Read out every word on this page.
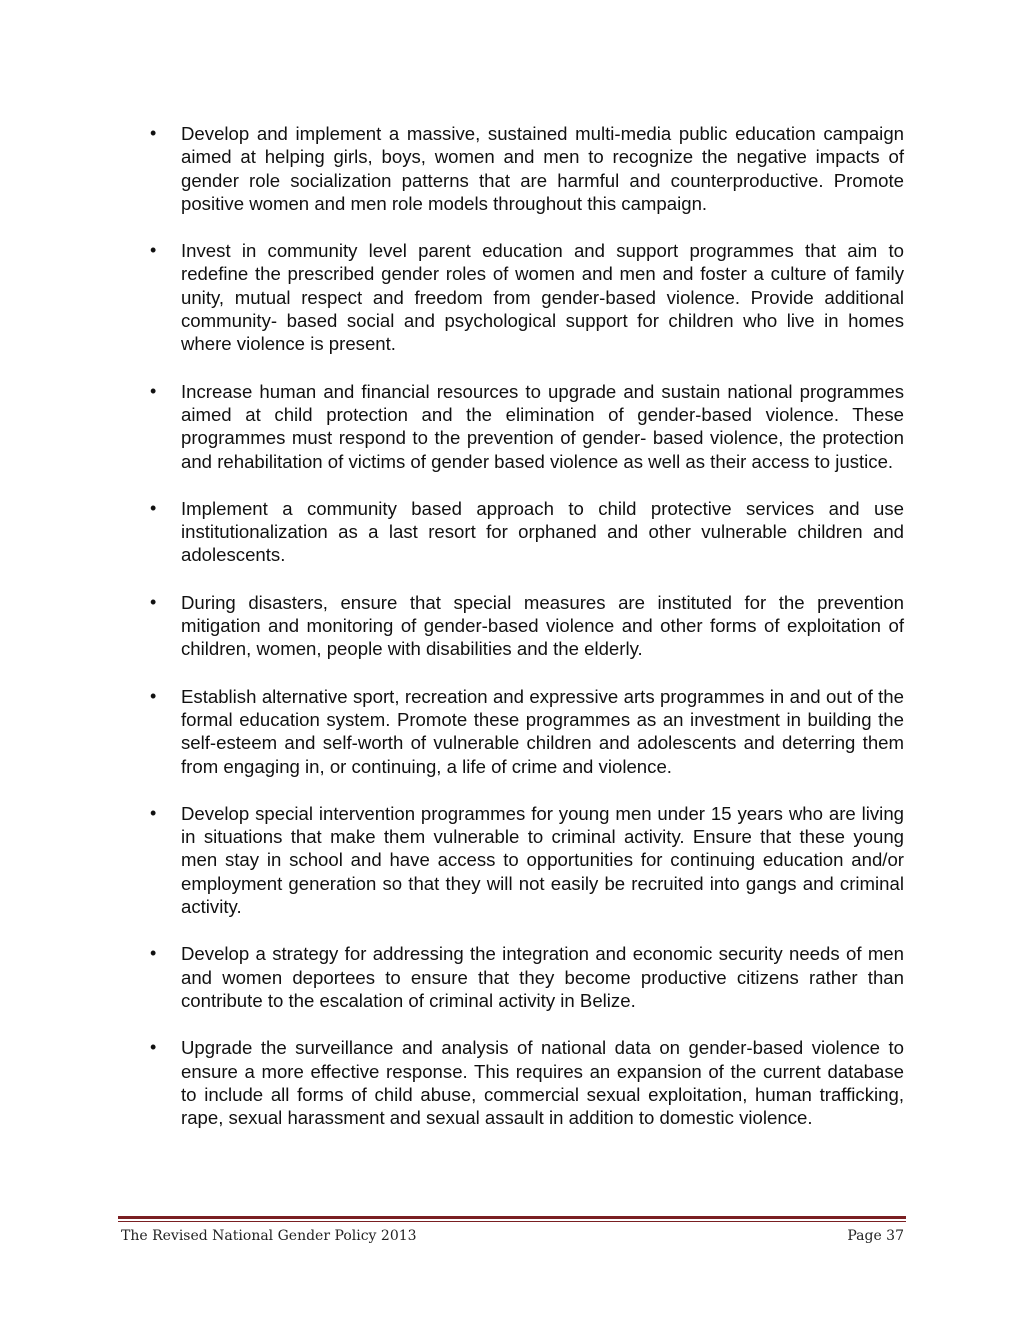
• Develop and implement a massive, sustained multi-media public education campaign aimed at helping girls, boys, women and men to recognize the negative impacts of gender role socialization patterns that are harmful and counterproductive. Promote positive women and men role models throughout this campaign.
• Invest in community level parent education and support programmes that aim to redefine the prescribed gender roles of women and men and foster a culture of family unity, mutual respect and freedom from gender-based violence. Provide additional community- based social and psychological support for children who live in homes where violence is present.
• Increase human and financial resources to upgrade and sustain national programmes aimed at child protection and the elimination of gender-based violence. These programmes must respond to the prevention of gender- based violence, the protection and rehabilitation of victims of gender based violence as well as their access to justice.
• Implement a community based approach to child protective services and use institutionalization as a last resort for orphaned and other vulnerable children and adolescents.
• During disasters, ensure that special measures are instituted for the prevention mitigation and monitoring of gender-based violence and other forms of exploitation of children, women, people with disabilities and the elderly.
• Establish alternative sport, recreation and expressive arts programmes in and out of the formal education system. Promote these programmes as an investment in building the self-esteem and self-worth of vulnerable children and adolescents and deterring them from engaging in, or continuing, a life of crime and violence.
• Develop special intervention programmes for young men under 15 years who are living in situations that make them vulnerable to criminal activity. Ensure that these young men stay in school and have access to opportunities for continuing education and/or employment generation so that they will not easily be recruited into gangs and criminal activity.
• Develop a strategy for addressing the integration and economic security needs of men and women deportees to ensure that they become productive citizens rather than contribute to the escalation of criminal activity in Belize.
• Upgrade the surveillance and analysis of national data on gender-based violence to ensure a more effective response. This requires an expansion of the current database to include all forms of child abuse, commercial sexual exploitation, human trafficking, rape, sexual harassment and sexual assault in addition to domestic violence.
The Revised National Gender Policy 2013	Page 37
